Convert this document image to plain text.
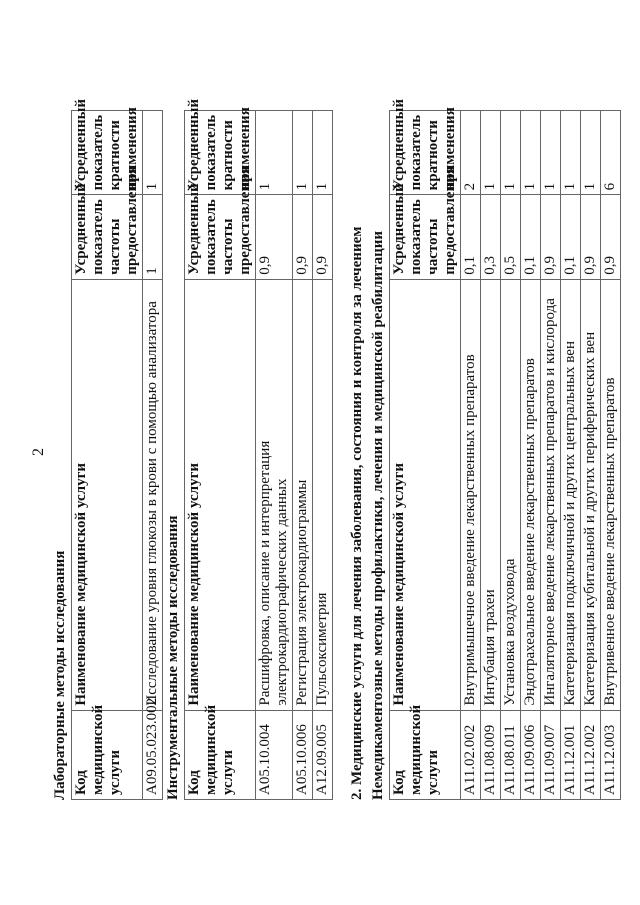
2
Лабораторные методы исследования Код медицинской услуги	Наименование медицинской услуги	Усредненный показатель частоты предоставления	Усредненный показатель кратности применения
A09.05.023.002	Исследование уровня глюкозы в крови с помощью анализатора	1	1
Инструментальные методы исследования Код медицинской услуги	Наименование медицинской услуги	Усредненный показатель частоты предоставления	Усредненный показатель кратности применения
A05.10.004	Расшифровка, описание и интерпретация электрокардиографических данных	0,9	1
A05.10.006	Регистрация электрокардиограммы	0,9	1
A12.09.005	Пульсоксиметрия	0,9	1
2. Медицинские услуги для лечения заболевания, состояния и контроля за лечением Немедикаментозные методы профилактики, лечения и медицинской реабилитации Код медицинской услуги	Наименование медицинской услуги	Усредненный показатель частоты предоставления	Усредненный показатель кратности применения
A11.02.002	Внутримышечное введение лекарственных препаратов	0,1	2
A11.08.009	Интубация трахеи	0,3	1
A11.08.011	Установка воздуховода	0,5	1
A11.09.006	Эндотрахеальное введение лекарственных препаратов	0,1	1
A11.09.007	Ингаляторное введение лекарственных препаратов и кислорода	0,9	1
A11.12.001	Катетеризация подключичной и других центральных вен	0,1	1
A11.12.002	Катетеризация кубитальной и других периферических вен	0,9	1
A11.12.003	Внутривенное введение лекарственных препаратов	0,9	6
